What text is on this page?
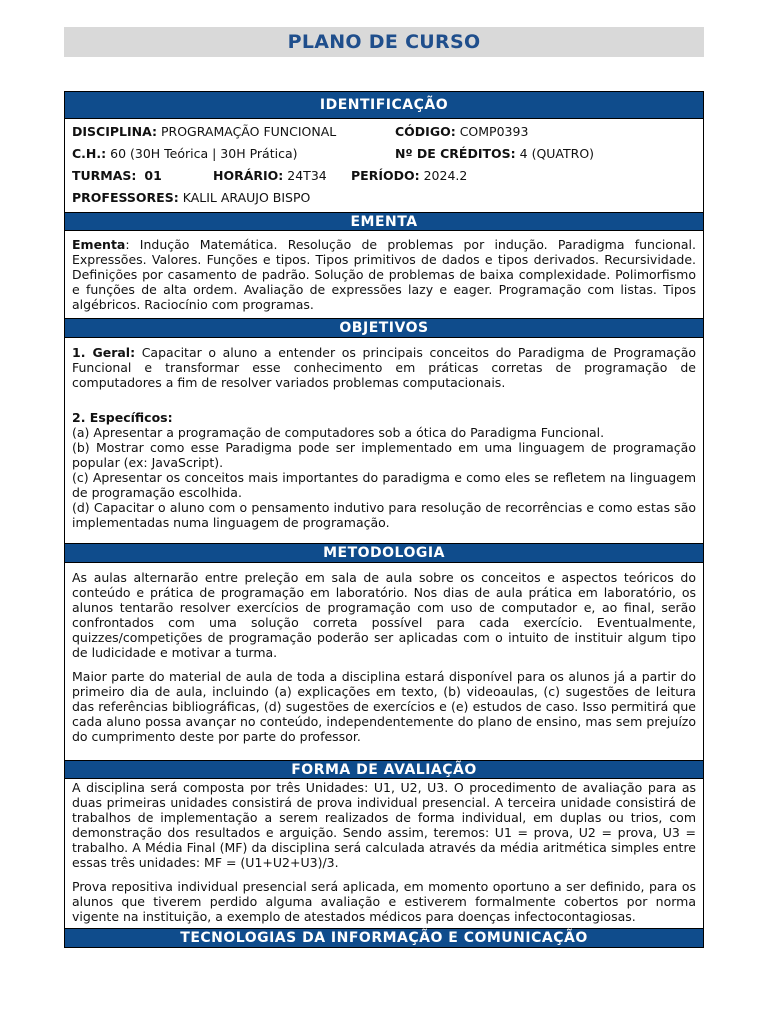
PLANO DE CURSO
IDENTIFICAÇÃO
DISCIPLINA: PROGRAMAÇÃO FUNCIONAL	CÓDIGO: COMP0393
C.H.: 60 (30H Teórica | 30H Prática)	Nº DE CRÉDITOS: 4 (QUATRO)
TURMAS: 01	HORÁRIO: 24T34 PERÍODO: 2024.2
PROFESSORES: KALIL ARAUJO BISPO
EMENTA

Ementa: Indução Matemática. Resolução de problemas por indução. Paradigma funcional. Expressões. Valores. Funções e tipos. Tipos primitivos de dados e tipos derivados. Recursividade. Definições por casamento de padrão. Solução de problemas de baixa complexidade. Polimorfismo e funções de alta ordem. Avaliação de expressões lazy e eager. Programação com listas. Tipos algébricos. Raciocínio com programas.

OBJETIVOS

1. Geral: Capacitar o aluno a entender os principais conceitos do Paradigma de Programação Funcional e transformar esse conhecimento em práticas corretas de programação de computadores a fim de resolver variados problemas computacionais.

2. Específicos:

(a) Apresentar a programação de computadores sob a ótica do Paradigma Funcional.

(b) Mostrar como esse Paradigma pode ser implementado em uma linguagem de programação popular (ex: JavaScript).

(c) Apresentar os conceitos mais importantes do paradigma e como eles se refletem na linguagem de programação escolhida.

(d) Capacitar o aluno com o pensamento indutivo para resolução de recorrências e como estas são implementadas numa linguagem de programação.

METODOLOGIA

As aulas alternarão entre preleção em sala de aula sobre os conceitos e aspectos teóricos do conteúdo e prática de programação em laboratório. Nos dias de aula prática em laboratório, os alunos tentarão resolver exercícios de programação com uso de computador e, ao final, serão confrontados com uma solução correta possível para cada exercício. Eventualmente, quizzes/competições de programação poderão ser aplicadas com o intuito de instituir algum tipo de ludicidade e motivar a turma.

Maior parte do material de aula de toda a disciplina estará disponível para os alunos já a partir do primeiro dia de aula, incluindo (a) explicações em texto, (b) videoaulas, (c) sugestões de leitura das referências bibliográficas, (d) sugestões de exercícios e (e) estudos de caso. Isso permitirá que cada aluno possa avançar no conteúdo, independentemente do plano de ensino, mas sem prejuízo do cumprimento deste por parte do professor.

FORMA DE AVALIAÇÃO

A disciplina será composta por três Unidades: U1, U2, U3. O procedimento de avaliação para as duas primeiras unidades consistirá de prova individual presencial. A terceira unidade consistirá de trabalhos de implementação a serem realizados de forma individual, em duplas ou trios, com demonstração dos resultados e arguição. Sendo assim, teremos: U1 = prova, U2 = prova, U3 = trabalho. A Média Final (MF) da disciplina será calculada através da média aritmética simples entre essas três unidades: MF = (U1+U2+U3)/3.

Prova repositiva individual presencial será aplicada, em momento oportuno a ser definido, para os alunos que tiverem perdido alguma avaliação e estiverem formalmente cobertos por norma vigente na instituição, a exemplo de atestados médicos para doenças infectocontagiosas.

TECNOLOGIAS DA INFORMAÇÃO E COMUNICAÇÃO
